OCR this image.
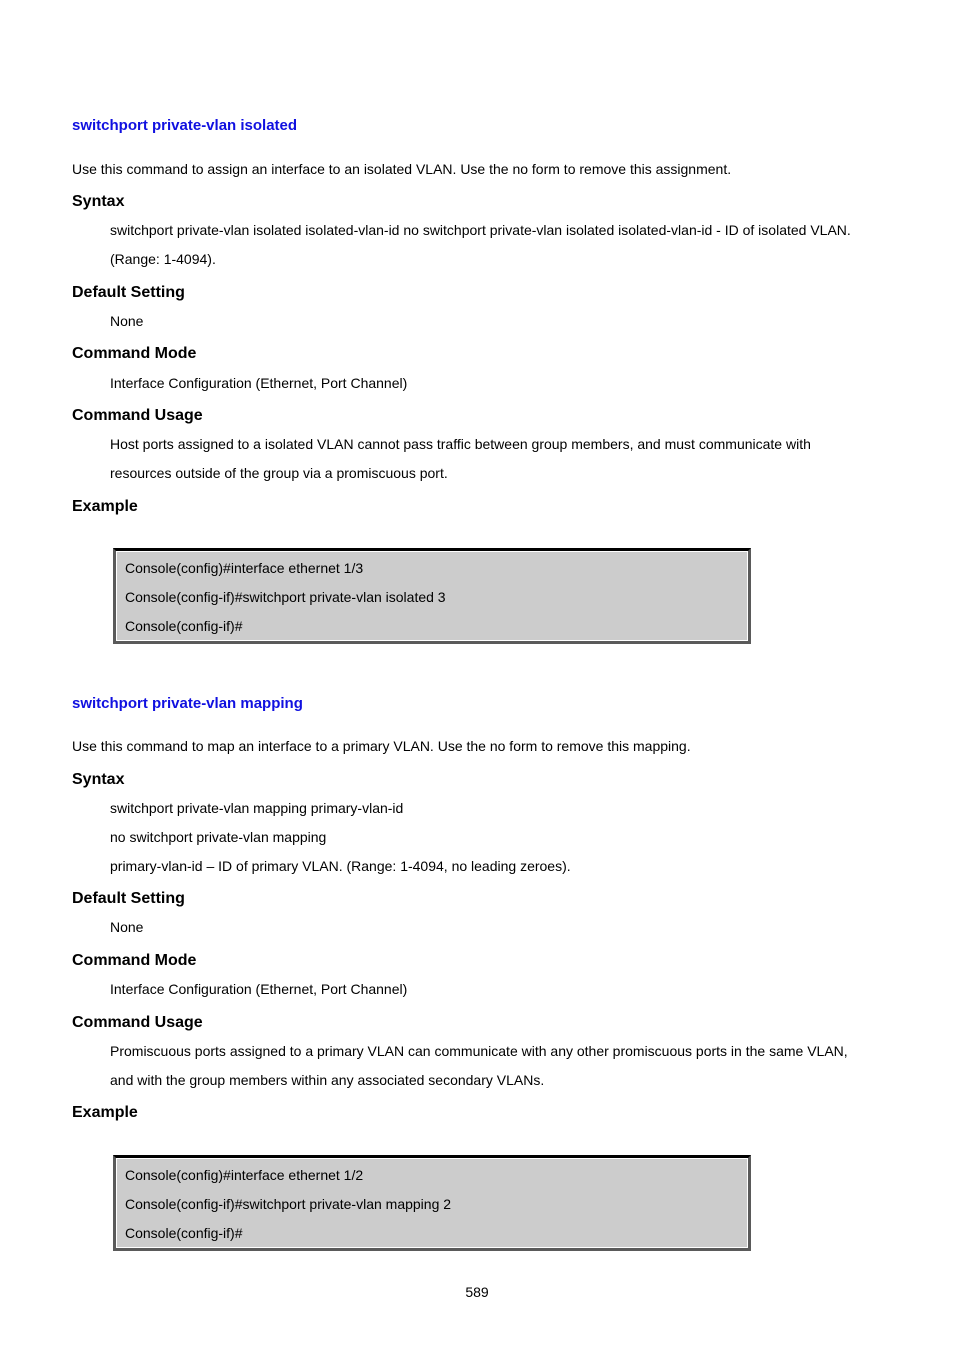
switchport private-vlan isolated

Use this command to assign an interface to an isolated VLAN. Use the no form to remove this assignment.

Syntax

switchport private-vlan isolated isolated-vlan-id no switchport private-vlan isolated isolated-vlan-id - ID of isolated VLAN.

(Range: 1-4094).

Default Setting

None

Command Mode

Interface Configuration (Ethernet, Port Channel)

Command Usage

Host ports assigned to a isolated VLAN cannot pass traffic between group members, and must communicate with

resources outside of the group via a promiscuous port.

Example
Console(config)#interface ethernet 1/3
Console(config-if)#switchport private-vlan isolated 3
Console(config-if)#
switchport private-vlan mapping

Use this command to map an interface to a primary VLAN. Use the no form to remove this mapping.

Syntax

switchport private-vlan mapping primary-vlan-id

no switchport private-vlan mapping

primary-vlan-id – ID of primary VLAN. (Range: 1-4094, no leading zeroes).

Default Setting

None

Command Mode

Interface Configuration (Ethernet, Port Channel)

Command Usage

Promiscuous ports assigned to a primary VLAN can communicate with any other promiscuous ports in the same VLAN,

and with the group members within any associated secondary VLANs.

Example
Console(config)#interface ethernet 1/2
Console(config-if)#switchport private-vlan mapping 2
Console(config-if)#
589
